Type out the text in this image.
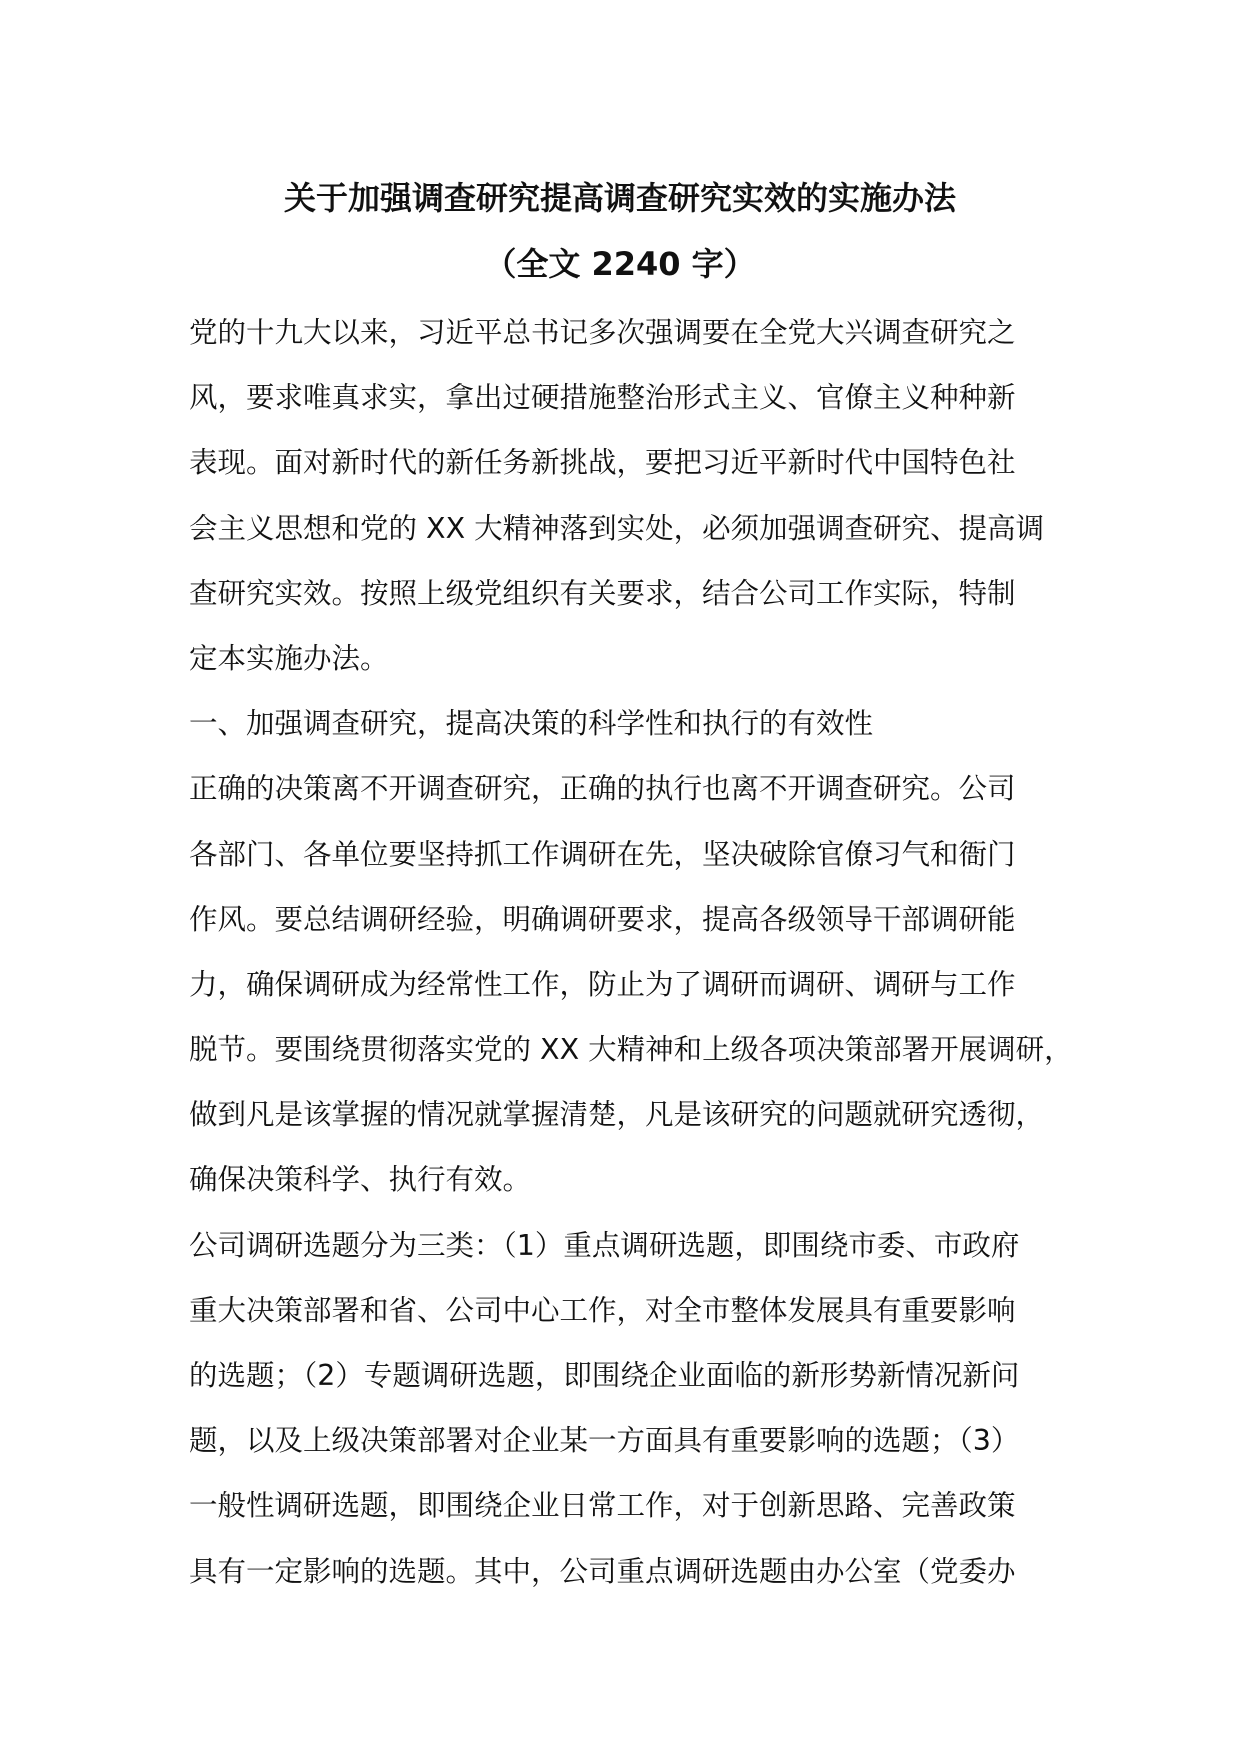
关于加强调查研究提高调查研究实效的实施办法
（全文 2240 字）
党的十九大以来，习近平总书记多次强调要在全党大兴调查研究之
风，要求唯真求实，拿出过硬措施整治形式主义、官僚主义种种新
表现。面对新时代的新任务新挑战，要把习近平新时代中国特色社
会主义思想和党的 XX 大精神落到实处，必须加强调查研究、提高调
查研究实效。按照上级党组织有关要求，结合公司工作实际，特制
定本实施办法。
一、加强调查研究，提高决策的科学性和执行的有效性
正确的决策离不开调查研究，正确的执行也离不开调查研究。公司
各部门、各单位要坚持抓工作调研在先，坚决破除官僚习气和衙门
作风。要总结调研经验，明确调研要求，提高各级领导干部调研能
力，确保调研成为经常性工作，防止为了调研而调研、调研与工作
脱节。要围绕贯彻落实党的 XX 大精神和上级各项决策部署开展调研，
做到凡是该掌握的情况就掌握清楚，凡是该研究的问题就研究透彻，
确保决策科学、执行有效。
公司调研选题分为三类：（1）重点调研选题，即围绕市委、市政府
重大决策部署和省、公司中心工作，对全市整体发展具有重要影响
的选题；（2）专题调研选题，即围绕企业面临的新形势新情况新问
题，以及上级决策部署对企业某一方面具有重要影响的选题；（3）
一般性调研选题，即围绕企业日常工作，对于创新思路、完善政策
具有一定影响的选题。其中，公司重点调研选题由办公室（党委办
